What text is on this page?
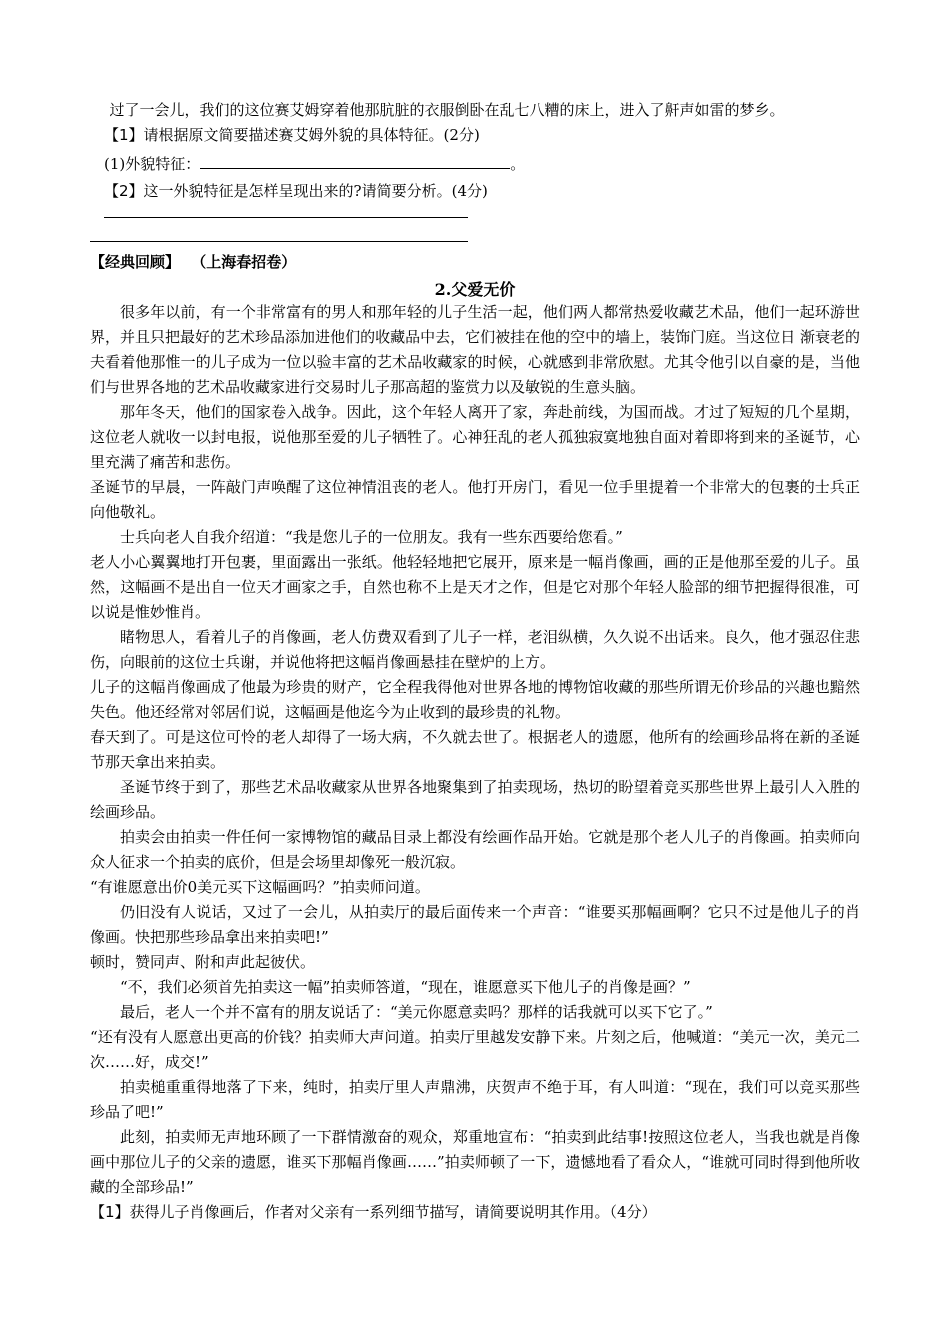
过了一会儿，我们的这位赛艾姆穿着他那肮脏的衣服倒卧在乱七八糟的床上，进入了鼾声如雷的梦乡。

【1】请根据原文简要描述赛艾姆外貌的具体特征。(2分)

(1)外貌特征：	。

【2】这一外貌特征是怎样呈现出来的?请简要分析。(4分)

【经典回顾】 （上海春招卷）

2.父爱无价

很多年以前，有一个非常富有的男人和那年轻的儿子生活一起，他们两人都常热爱收藏艺术品，他们一起环游世界，并且只把最好的艺术珍品添加进他们的收藏品中去，它们被挂在他的空中的墙上，装饰门庭。当这位日 渐衰老的夫看着他那惟一的儿子成为一位以验丰富的艺术品收藏家的时候，心就感到非常欣慰。尤其令他引以自豪的是，当他们与世界各地的艺术品收藏家进行交易时儿子那高超的鉴赏力以及敏锐的生意头脑。

那年冬天，他们的国家卷入战争。因此，这个年轻人离开了家，奔赴前线，为国而战。才过了短短的几个星期，这位老人就收一以封电报，说他那至爱的儿子牺牲了。心神狂乱的老人孤独寂寞地独自面对着即将到来的圣诞节，心里充满了痛苦和悲伤。

圣诞节的早晨，一阵敲门声唤醒了这位神情沮丧的老人。他打开房门，看见一位手里提着一个非常大的包裹的士兵正向他敬礼。

士兵向老人自我介绍道：“我是您儿子的一位朋友。我有一些东西要给您看。”

老人小心翼翼地打开包裹，里面露出一张纸。他轻轻地把它展开，原来是一幅肖像画，画的正是他那至爱的儿子。虽然，这幅画不是出自一位天才画家之手，自然也称不上是天才之作，但是它对那个年轻人脸部的细节把握得很准，可以说是惟妙惟肖。

睹物思人，看着儿子的肖像画，老人仿费双看到了儿子一样，老泪纵横，久久说不出话来。良久，他才强忍住悲伤，向眼前的这位士兵谢，并说他将把这幅肖像画悬挂在壁炉的上方。

儿子的这幅肖像画成了他最为珍贵的财产，它全程我得他对世界各地的博物馆收藏的那些所谓无价珍品的兴趣也黯然失色。他还经常对邻居们说，这幅画是他迄今为止收到的最珍贵的礼物。

春天到了。可是这位可怜的老人却得了一场大病，不久就去世了。根据老人的遗愿，他所有的绘画珍品将在新的圣诞节那天拿出来拍卖。

圣诞节终于到了，那些艺术品收藏家从世界各地聚集到了拍卖现场，热切的盼望着竞买那些世界上最引人入胜的绘画珍品。

拍卖会由拍卖一件任何一家博物馆的藏品目录上都没有绘画作品开始。它就是那个老人儿子的肖像画。拍卖师向众人征求一个拍卖的底价，但是会场里却像死一般沉寂。

“有谁愿意出价0美元买下这幅画吗？”拍卖师问道。

仍旧没有人说话，又过了一会儿，从拍卖厅的最后面传来一个声音：“谁要买那幅画啊？它只不过是他儿子的肖像画。快把那些珍品拿出来拍卖吧!”

顿时，赞同声、附和声此起彼伏。

“不，我们必须首先拍卖这一幅”拍卖师答道，“现在，谁愿意买下他儿子的肖像是画？”

最后，老人一个并不富有的朋友说话了：“美元你愿意卖吗？那样的话我就可以买下它了。”

“还有没有人愿意出更高的价钱？拍卖师大声问道。拍卖厅里越发安静下来。片刻之后，他喊道：“美元一次，美元二次……好，成交!”

拍卖槌重重得地落了下来，纯时，拍卖厅里人声鼎沸，庆贺声不绝于耳，有人叫道：“现在，我们可以竞买那些珍品了吧!”

此刻，拍卖师无声地环顾了一下群情激奋的观众，郑重地宣布：“拍卖到此结事!按照这位老人，当我也就是肖像画中那位儿子的父亲的遗愿，谁买下那幅肖像画……”拍卖师顿了一下，遗憾地看了看众人，“谁就可同时得到他所收藏的全部珍品!”

【1】获得儿子肖像画后，作者对父亲有一系列细节描写，请简要说明其作用。（4分）
